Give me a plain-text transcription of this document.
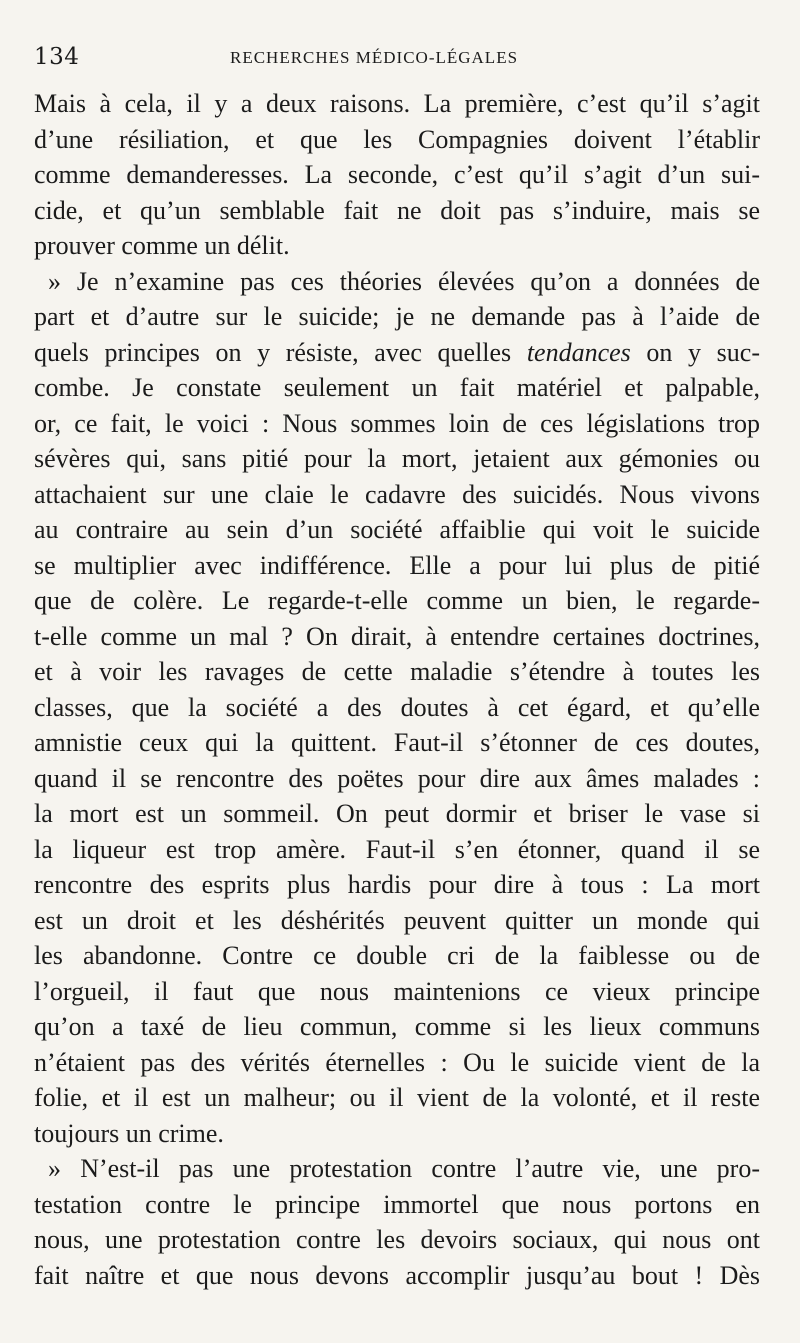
134	RECHERCHES MÉDICO-LÉGALES
Mais à cela, il y a deux raisons. La première, c’est qu’il s’agit
d’une résiliation, et que les Compagnies doivent l’établir
comme demanderesses. La seconde, c’est qu’il s’agit d’un sui-
cide, et qu’un semblable fait ne doit pas s’induire, mais se
prouver comme un délit.
» Je n’examine pas ces théories élevées qu’on a données de
part et d’autre sur le suicide; je ne demande pas à l’aide de
quels principes on y résiste, avec quelles tendances on y suc-
combe. Je constate seulement un fait matériel et palpable,
or, ce fait, le voici : Nous sommes loin de ces législations trop
sévères qui, sans pitié pour la mort, jetaient aux gémonies ou
attachaient sur une claie le cadavre des suicidés. Nous vivons
au contraire au sein d’un société affaiblie qui voit le suicide
se multiplier avec indifférence. Elle a pour lui plus de pitié
que de colère. Le regarde-t-elle comme un bien, le regarde-
t-elle comme un mal ? On dirait, à entendre certaines doctrines,
et à voir les ravages de cette maladie s’étendre à toutes les
classes, que la société a des doutes à cet égard, et qu’elle
amnistie ceux qui la quittent. Faut-il s’étonner de ces doutes,
quand il se rencontre des poëtes pour dire aux âmes malades :
la mort est un sommeil. On peut dormir et briser le vase si
la liqueur est trop amère. Faut-il s’en étonner, quand il se
rencontre des esprits plus hardis pour dire à tous : La mort
est un droit et les déshérités peuvent quitter un monde qui
les abandonne. Contre ce double cri de la faiblesse ou de
l’orgueil, il faut que nous maintenions ce vieux principe
qu’on a taxé de lieu commun, comme si les lieux communs
n’étaient pas des vérités éternelles : Ou le suicide vient de la
folie, et il est un malheur; ou il vient de la volonté, et il reste
toujours un crime.
» N’est-il pas une protestation contre l’autre vie, une pro-
testation contre le principe immortel que nous portons en
nous, une protestation contre les devoirs sociaux, qui nous ont
fait naître et que nous devons accomplir jusqu’au bout ! Dès
